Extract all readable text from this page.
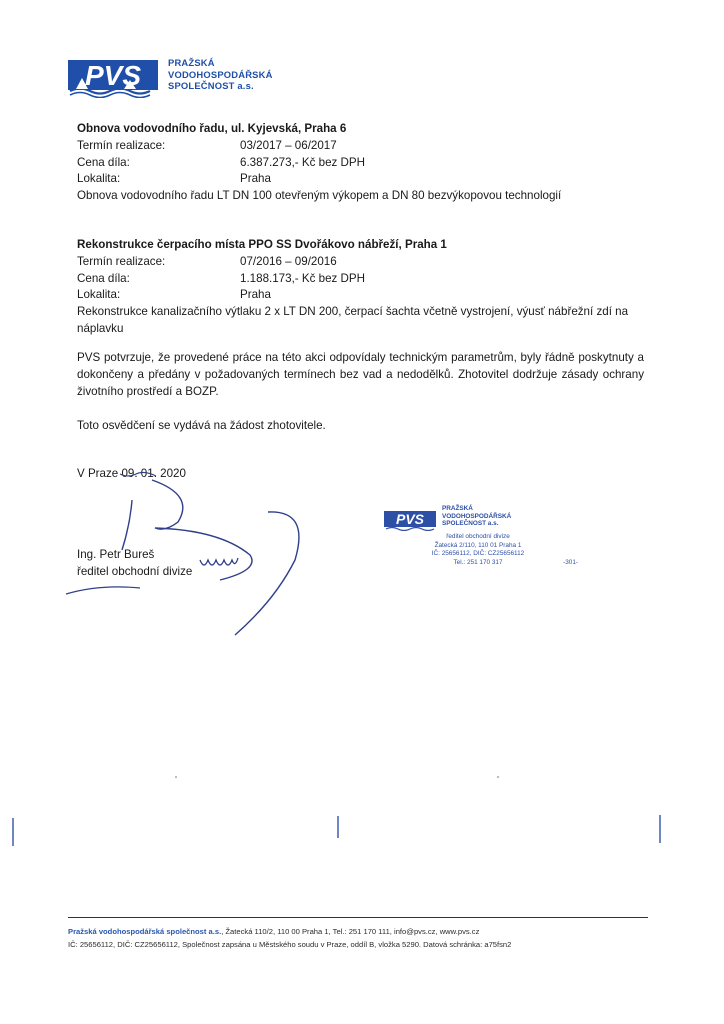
PVS	PRAŽSKÁ
VODOHOSPODÁŘSKÁ
SPOLEČNOST a.s.
Obnova vodovodního řadu, ul. Kyjevská, Praha 6
Termín realizace:	03/2017 – 06/2017
Cena díla:	6.387.273,- Kč bez DPH
Lokalita:	Praha
Obnova vodovodního řadu LT DN 100 otevřeným výkopem a DN 80 bezvýkopovou technologií
Rekonstrukce čerpacího místa PPO SS Dvořákovo nábřeží, Praha 1
Termín realizace:	07/2016 – 09/2016
Cena díla:	1.188.173,- Kč bez DPH
Lokalita:	Praha
Rekonstrukce kanalizačního výtlaku 2 x LT DN 200, čerpací šachta včetně vystrojení, výusť nábřežní zdí na náplavku
PVS potvrzuje, že provedené práce na této akci odpovídaly technickým parametrům, byly řádně poskytnuty a dokončeny a předány v požadovaných termínech bez vad a nedodělků. Zhotovitel dodržuje zásady ochrany životního prostředí a BOZP.
Toto osvědčení se vydává na žádost zhotovitele.
V Praze 09. 01. 2020
Ing. Petr Bureš
ředitel obchodní divize
PVS
PRAŽSKÁ
VODOHOSPODÁŘSKÁ
SPOLEČNOST a.s.
ředitel obchodní divize
Žatecká 2/110, 110 01 Praha 1
IČ: 25656112, DIČ: CZ25656112
Tel.: 251 170 317	-301-
Pražská vodohospodářská společnost a.s., Žatecká 110/2, 110 00 Praha 1, Tel.: 251 170 111, info@pvs.cz, www.pvs.cz
IČ: 25656112, DIČ: CZ25656112, Společnost zapsána u Městského soudu v Praze, oddíl B, vložka 5290. Datová schránka: a75fsn2
